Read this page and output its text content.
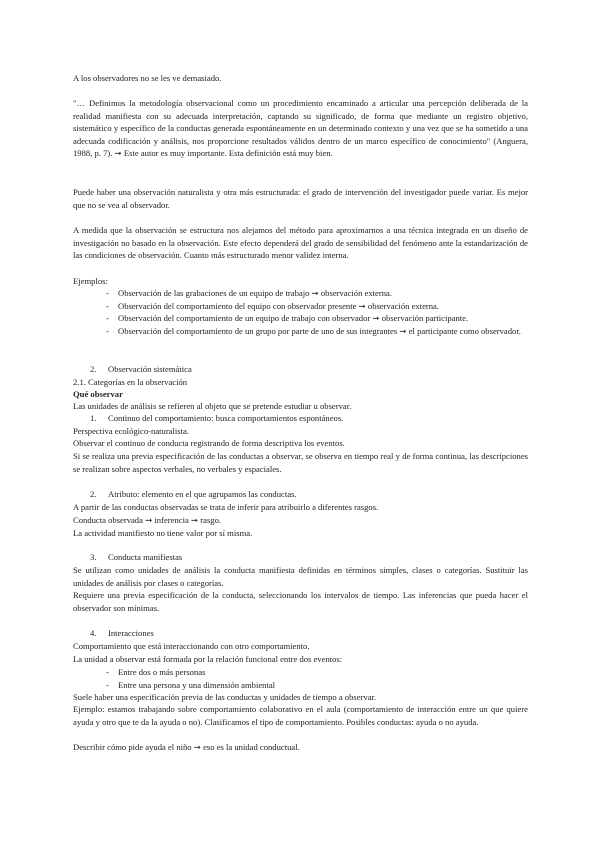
A los observadores no se les ve demasiado.

"… Definimos la metodología observacional como un procedimiento encaminado a articular una percepción deliberada de la realidad manifiesta con su adecuada interpretación, captando su significado, de forma que mediante un registro objetivo, sistemático y específico de la conductas generada espontáneamente en un determinado contexto y una vez que se ha sometido a una adecuada codificación y análisis, nos proporcione resultados válidos dentro de un marco específico de conocimiento" (Anguera, 1988, p. 7). ➞ Este autor es muy importante. Esta definición está muy bien.

Puede haber una observación naturalista y otra más estructurada: el grado de intervención del investigador puede variar. Es mejor que no se vea al observador.

A medida que la observación se estructura nos alejamos del método para aproximarnos a una técnica integrada en un diseño de investigación no basado en la observación. Este efecto dependerá del grado de sensibilidad del fenómeno ante la estandarización de las condiciones de observación. Cuanto más estructurado menor validez interna.

Ejemplos:

- Observación de las grabaciones de un equipo de trabajo ➞ observación externa.
- Observación del comportamiento del equipo con observador presente ➞ observación externa.
- Observación del comportamiento de un equipo de trabajo con observador ➞ observación participante.
- Observación del comportamiento de un grupo por parte de uno de sus integrantes ➞ el participante como observador.
2. Observación sistemática

2.1. Categorías en la observación

Qué observar

Las unidades de análisis se refieren al objeto que se pretende estudiar u observar.

1. Continuo del comportamiento: busca comportamientos espontáneos.

Perspectiva ecológico-naturalista.

Observar el continuo de conducta registrando de forma descriptiva los eventos.

Si se realiza una previa especificación de las conductas a observar, se observa en tiempo real y de forma continua, las descripciones se realizan sobre aspectos verbales, no verbales y espaciales.

2. Atributo: elemento en el que agrupamos las conductas.

A partir de las conductas observadas se trata de inferir para atribuirlo a diferentes rasgos.

Conducta observada ➞ inferencia ➞ rasgo.

La actividad manifiesto no tiene valor por sí misma.

3. Conducta manifiestas

Se utilizan como unidades de análisis la conducta manifiesta definidas en términos simples, clases o categorías. Sustituir las unidades de análisis por clases o categorías.

Requiere una previa especificación de la conducta, seleccionando los intervalos de tiempo. Las inferencias que pueda hacer el observador son mínimas.

4. Interacciones

Comportamiento que está interaccionando con otro comportamiento.

La unidad a observar está formada por la relación funcional entre dos eventos:

- Entre dos o más personas
- Entre una persona y una dimensión ambiental

Suele haber una especificación previa de las conductas y unidades de tiempo a observar.

Ejemplo: estamos trabajando sobre comportamiento colaborativo en el aula (comportamiento de interacción entre un que quiere ayuda y otro que te da la ayuda o no). Clasificamos el tipo de comportamiento. Posibles conductas: ayuda o no ayuda.

Describir cómo pide ayuda el niño ➞ eso es la unidad conductual.
